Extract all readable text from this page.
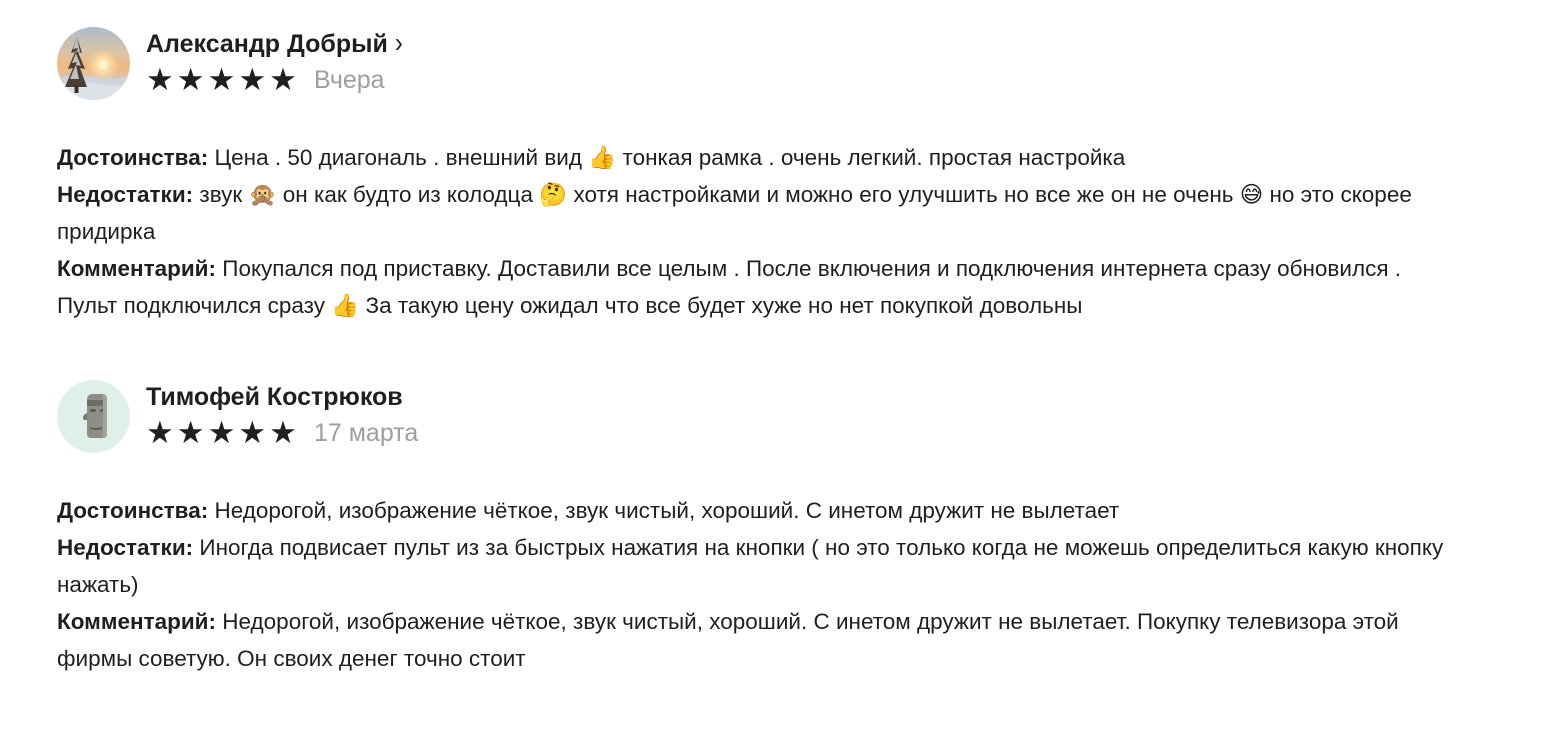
Александр Добрый ›
★★★★★ Вчера
Достоинства: Цена . 50 диагональ . внешний вид 👍 тонкая рамка . очень легкий. простая настройка
Недостатки: звук 🙊 он как будто из колодца 🤔 хотя настройками и можно его улучшить но все же он не очень 😅 но это скорее придирка
Комментарий: Покупался под приставку. Доставили все целым . После включения и подключения интернета сразу обновился . Пульт подключился сразу 👍 За такую цену ожидал что все будет хуже но нет покупкой довольны
Тимофей Кострюков
★★★★★ 17 марта
Достоинства: Недорогой, изображение чёткое, звук чистый, хороший. С инетом дружит не вылетает
Недостатки: Иногда подвисает пульт из за быстрых нажатия на кнопки ( но это только когда не можешь определиться какую кнопку нажать)
Комментарий: Недорогой, изображение чёткое, звук чистый, хороший. С инетом дружит не вылетает. Покупку телевизора этой фирмы советую. Он своих денег точно стоит
